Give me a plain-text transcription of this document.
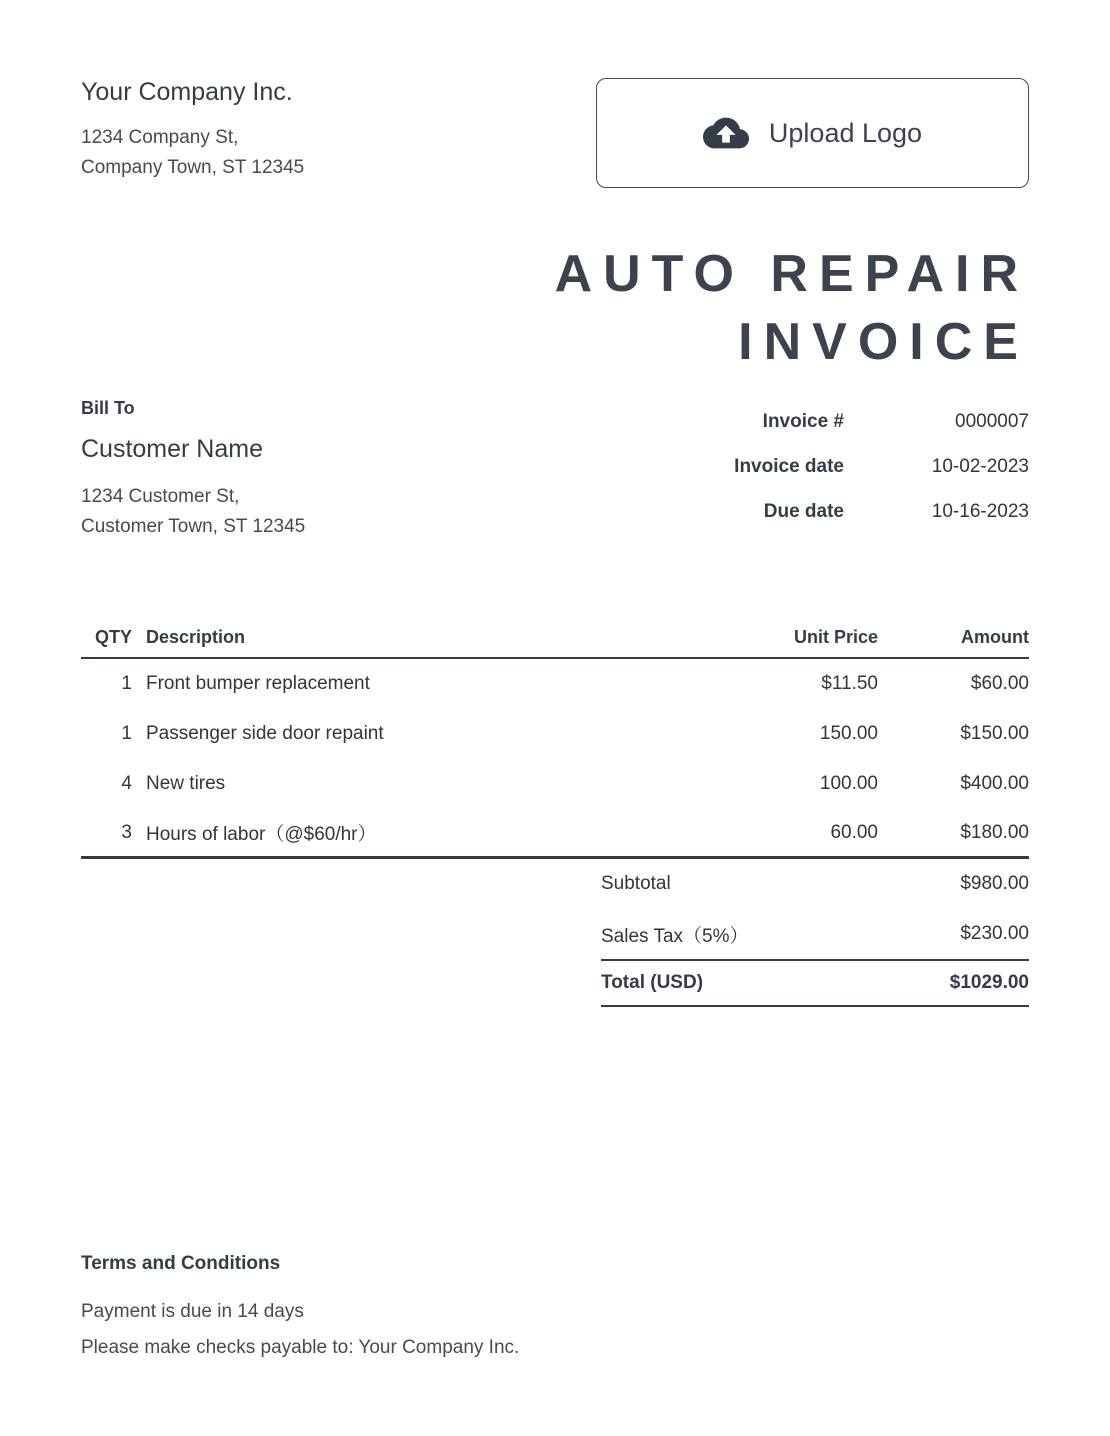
Your Company Inc.
1234 Company St,
Company Town, ST 12345
Upload Logo
AUTO REPAIR
INVOICE
Bill To
Customer Name
1234 Customer St,
Customer Town, ST 12345
Invoice #	0000007
Invoice date	10-02-2023
Due date	10-16-2023
QTY Description	Unit Price	Amount
1 Front bumper replacement	$11.50	$60.00
1 Passenger side door repaint	150.00	$150.00
4 New tires	100.00	$400.00
3 Hours of labor（@$60/hr）	60.00	$180.00
Subtotal	$980.00
Sales Tax（5%）	$230.00
Total (USD)	$1029.00
Terms and Conditions
Payment is due in 14 days
Please make checks payable to: Your Company Inc.
